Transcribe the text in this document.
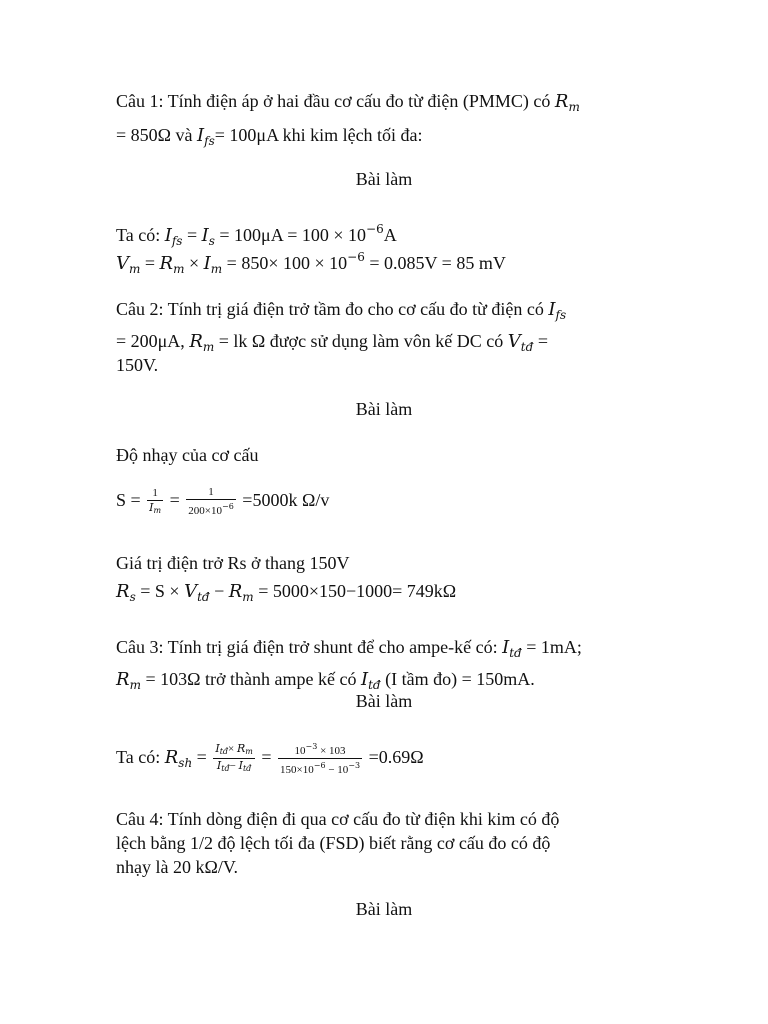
Câu 1: Tính điện áp ở hai đầu cơ cấu đo từ điện (PMMC) có $R_m$
= 850Ω và $I_{fs}= 100\mu A$ khi kim lệch tối đa:
Bài làm
Ta có: $I_{fs} = I_s = 100\mu A = 100 \times 10^{-6}A$
$V_m = R_m \times I_m = 850\times 100 \times 10^{-6} = 0.085V = 85$ mV
Câu 2: Tính trị giá điện trở tầm đo cho cơ cấu đo từ điện có $I_{fs}$
= 200μA, $R_m$ = lk Ω được sử dụng làm vôn kế DC có $V_{tđ}$ =
150V.
Bài làm
Độ nhạy của cơ cấu
$S = \frac{1}{I_m} = \frac{1}{200\times 10^{-6}} =5000k$ Ω/v
Giá trị điện trở Rs ở thang 150V
$R_s = S \times V_{tđ} - R_m = 5000\times 150-1000= 749k\Omega$
Câu 3: Tính trị giá điện trở shunt để cho ampe-kế có: $I_{tđ} = 1mA$;
$R_m = 103\Omega$ trở thành ampe kế có $I_{tđ}$ (I tầm đo) = 150mA.
Bài làm
Ta có: $R_{sh} = \frac{I_{tđ}\times R_m}{I_{tđ}- I_{tđ}} = \frac{10^{-3} \times 103}{150\times 10^{-6} - 10^{-3}} =0.69\Omega$
Câu 4: Tính dòng điện đi qua cơ cấu đo từ điện khi kim có độ
lệch bằng 1/2 độ lệch tối đa (FSD) biết rằng cơ cấu đo có độ
nhạy là 20 kΩ/V.
Bài làm
